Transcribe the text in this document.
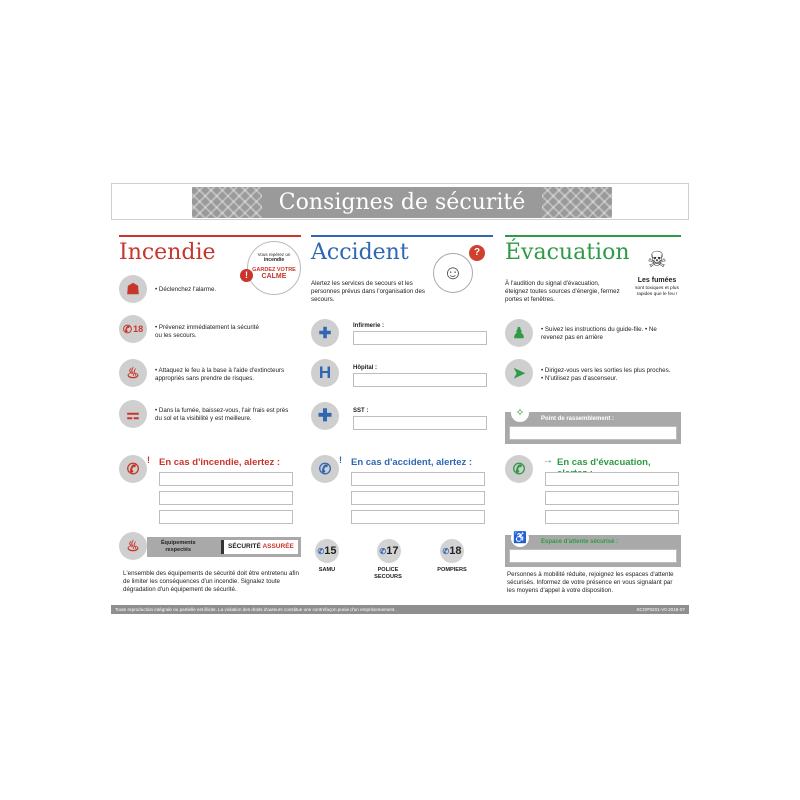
Consignes de sécurité
Incendie	Vous repérez un
incendie
GARDEZ VOTRE
CALME
!
☗	• Déclenchez l'alarme.
✆ 18 • Prévenez immédiatement la sécurité ou les secours.
♨	• Attaquez le feu à la base à l'aide d'extincteurs appropriés sans prendre de risques.
⚎	• Dans la fumée, baissez-vous, l'air frais est près du sol et la visibilité y est meilleure.
✆
! En cas d'incendie, alertez :
♨	Équipements
respectés	SÉCURITÉ ASSURÉE
L'ensemble des équipements de sécurité doit être entretenu afin de limiter les conséquences d'un incendie. Signalez toute dégradation d'un équipement de sécurité.
Accident
☺
?
Alertez les services de secours et les personnes prévus dans l'organisation des secours.
✚	Infirmerie :
H	Hôpital :
✚	SST :
✆
! En cas d'accident, alertez :
✆15
SAMU
✆17
POLICE SECOURS
✆18
POMPIERS
Évacuation ☠
Les fumées
sont toxiques et plus rapides que le feu !
À l'audition du signal d'évacuation, éteignez toutes sources d'énergie, fermez portes et fenêtres.
♟	• Suivez les instructions du guide-file. • Ne revenez pas en arrière
➤	• Dirigez-vous vers les sorties les plus proches. • N'utilisez pas d'ascenseur.
✧	Point de rassemblement :
✆
→ En cas d'évacuation,
♿	Espace d'attente sécurisé :
Personnes à mobilité réduite, rejoignez les espaces d'attente sécurisés. Informez de votre présence en vous signalant par les moyens d'appel à votre disposition.
Toute reproduction intégrale ou partielle est illicite. La violation des droits d'auteurs constitue une contrefaçon punie d'un emprisonnement.	SCOP0201-V0 2018-07
